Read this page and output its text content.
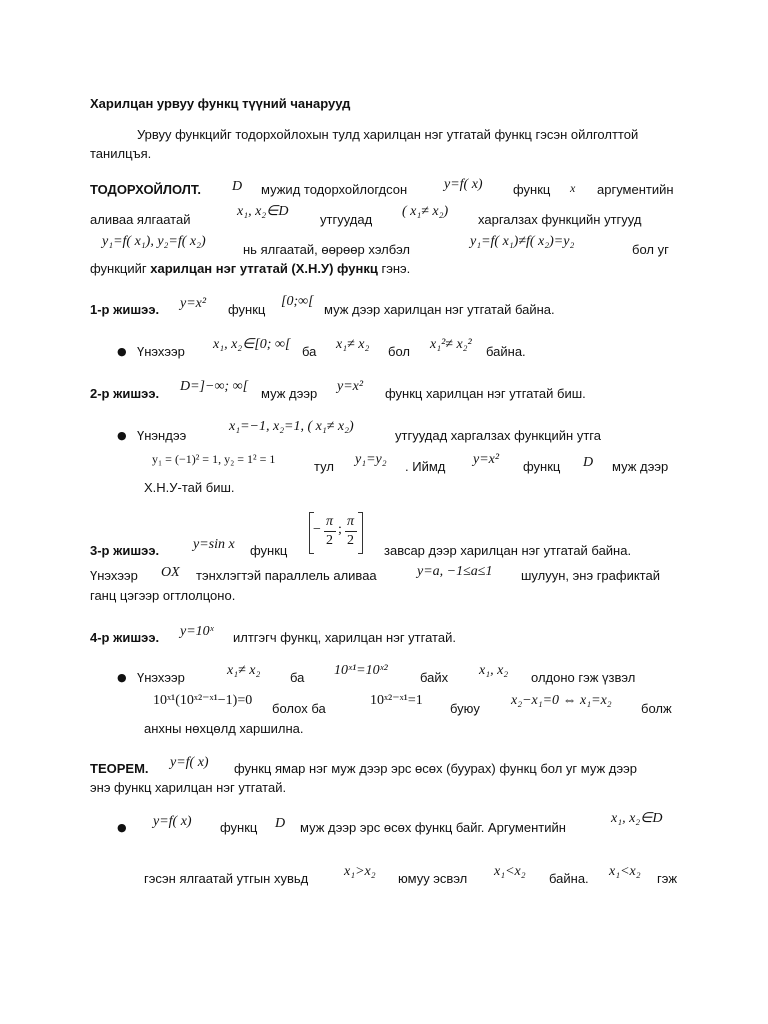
Харилцан урвуу функц түүний чанарууд
Урвуу функцийг тодорхойлохын тулд харилцан нэг утгатай функц гэсэн ойлголттой
танилцъя.
ТОДОРХОЙЛОЛТ. D мужид тодорхойлогдсон	y=f( x) функц x аргументийн
аливаа ялгаатай
x₁, x₂∈D
утгуудад
( x₁≠ x₂)
харгалзах функцийн утгууд
y₁=f( x₁), y₂=f( x₂)
нь ялгаатай, өөрөөр хэлбэл
y₁=f( x₁)≠f( x₂)=y₂
бол уг
функцийг харилцан нэг утгатай (Х.Н.У) функц гэнэ.
1-р жишээ. y=x² функц
[0;∞[
муж дээр харилцан нэг утгатай байна.
● Үнэхээр x₁, x₂∈[0; ∞[ ба x₁≠ x₂ бол x₁²≠ x₂² байна.
2-р жишээ. D=]−∞; ∞[ муж дээр y=x² функц харилцан нэг утгатай биш.
● Үнэндээ
x₁=−1, x₂=1, ( x₁≠ x₂)
утгуудад харгалзах функцийн утга
y₁ = (−1)² = 1, y₂ = 1² = 1	тул y₁=y₂ . Иймд y=x² функц D муж дээр
Х.Н.У-тай биш.
3-р жишээ. y=sin x функц
−
π
2
;
π
2
завсар дээр харилцан нэг утгатай байна.
Үнэхээр OX тэнхлэгтэй параллель аливаа	y=a, −1≤a≤1 шулуун, энэ графиктай
ганц цэгээр огтлолцоно.
4-р жишээ. y=10ˣ илтгэгч функц, харилцан нэг утгатай.
● Үнэхээр	x₁≠ x₂ ба 10ˣ¹=10ˣ² байх x₁, x₂ олдоно гэж үзвэл
10ˣ¹(10ˣ²⁻ˣ¹−1)=0
болох ба
10ˣ²⁻ˣ¹=1
буюу
x₂−x₁=0 ⇔ x₁=x₂
болж
анхны нөхцөлд харшилна.
ТЕОРЕМ. y=f( x) функц ямар нэг муж дээр эрс өсөх (буурах) функц бол уг муж дээр
энэ функц харилцан нэг утгатай.
● y=f( x) функц D муж дээр эрс өсөх функц байг. Аргументийн
x₁, x₂∈D
гэсэн ялгаатай утгын хувьд	x₁>x₂ юмуу эсвэл x₁<x₂ байна. x₁<x₂ гэж
